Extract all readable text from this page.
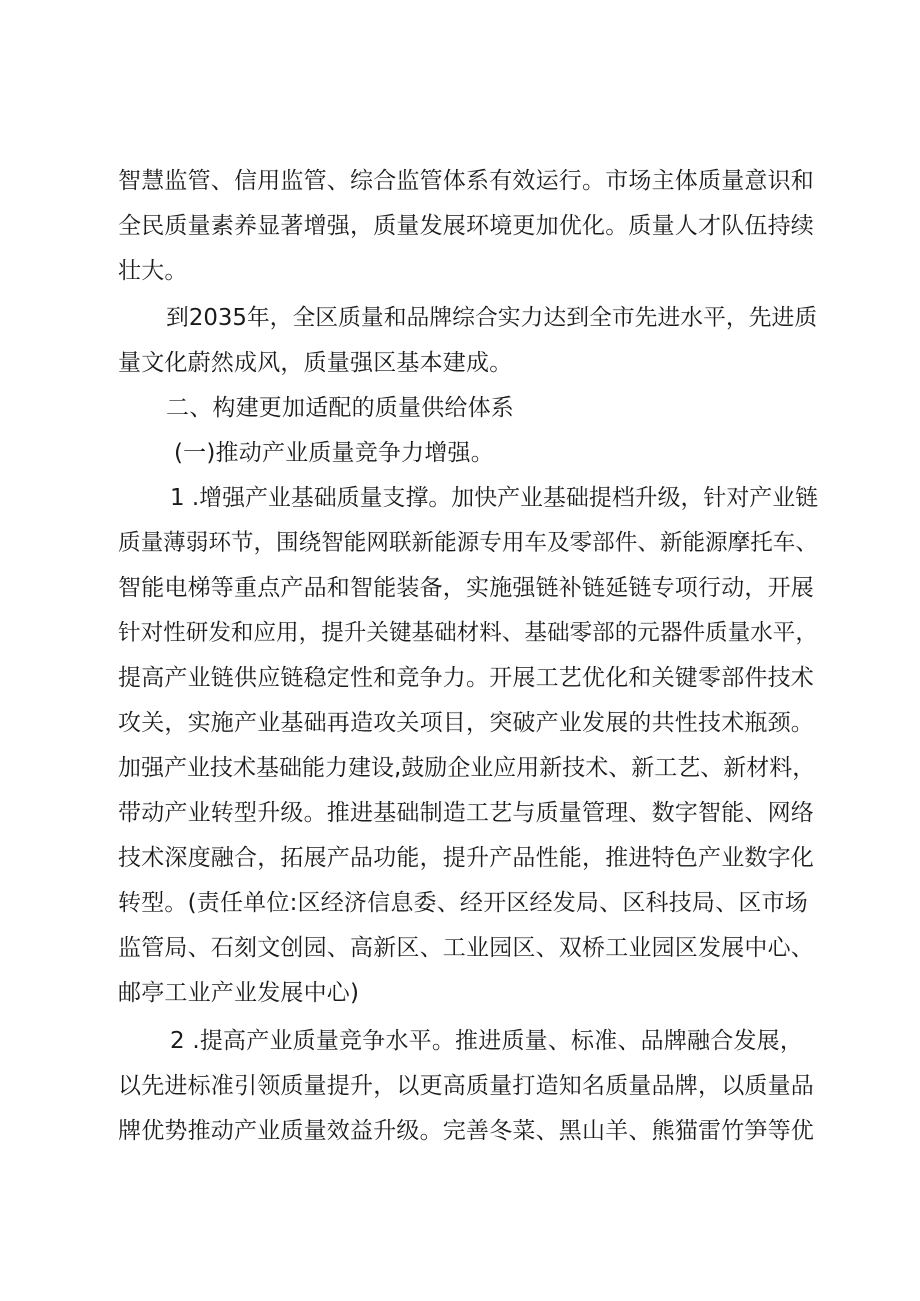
智慧监管、信用监管、综合监管体系有效运行。市场主体质量意识和
全民质量素养显著增强，质量发展环境更加优化。质量人才队伍持续
壮大。
到2035年，全区质量和品牌综合实力达到全市先进水平，先进质
量文化蔚然成风，质量强区基本建成。
二、构建更加适配的质量供给体系
(一)推动产业质量竞争力增强。
1 .增强产业基础质量支撑。加快产业基础提档升级，针对产业链
质量薄弱环节，围绕智能网联新能源专用车及零部件、新能源摩托车、
智能电梯等重点产品和智能装备，实施强链补链延链专项行动，开展
针对性研发和应用，提升关键基础材料、基础零部的元器件质量水平，
提高产业链供应链稳定性和竞争力。开展工艺优化和关键零部件技术
攻关，实施产业基础再造攻关项目，突破产业发展的共性技术瓶颈。
加强产业技术基础能力建设,鼓励企业应用新技术、新工艺、新材料，
带动产业转型升级。推进基础制造工艺与质量管理、数字智能、网络
技术深度融合，拓展产品功能，提升产品性能，推进特色产业数字化
转型。(责任单位:区经济信息委、经开区经发局、区科技局、区市场
监管局、石刻文创园、高新区、工业园区、双桥工业园区发展中心、
邮亭工业产业发展中心)
2 .提高产业质量竞争水平。推进质量、标准、品牌融合发展，
以先进标准引领质量提升，以更高质量打造知名质量品牌，以质量品
牌优势推动产业质量效益升级。完善冬菜、黑山羊、熊猫雷竹笋等优
